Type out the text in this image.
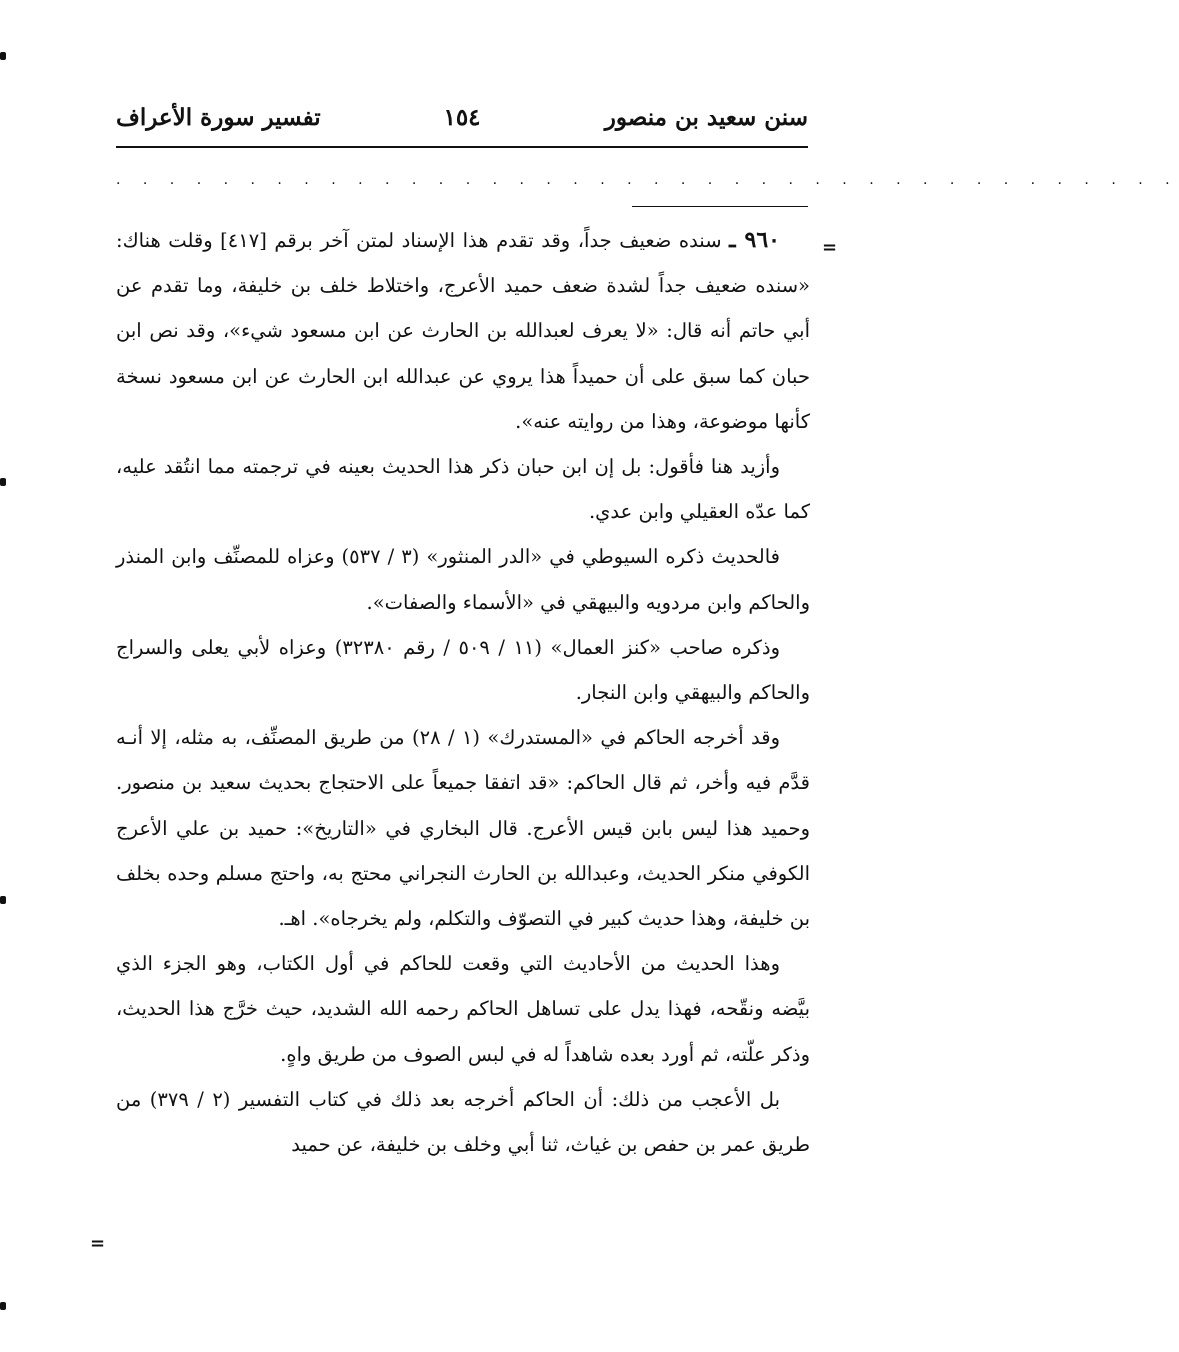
سنن سعيد بن منصور
١٥٤
تفسير سورة الأعراف
. . . . . . . . . . . . . . . . . . . . . . . . . . . . . . . . . . . . . . . .
=
=

٩٦٠ ـ سنده ضعيف جداً، وقد تقدم هذا الإسناد لمتن آخر برقم [٤١٧] وقلت هناك: «سنده ضعيف جداً لشدة ضعف حميد الأعرج، واختلاط خلف بن خليفة، وما تقدم عن أبي حاتم أنه قال: «لا يعرف لعبدالله بن الحارث عن ابن مسعود شيء»، وقد نص ابن حبان كما سبق على أن حميداً هذا يروي عن عبدالله ابن الحارث عن ابن مسعود نسخة كأنها موضوعة، وهذا من روايته عنه».

وأزيد هنا فأقول: بل إن ابن حبان ذكر هذا الحديث بعينه في ترجمته مما انتُقد عليه، كما عدّه العقيلي وابن عدي.

فالحديث ذكره السيوطي في «الدر المنثور» (٣ / ٥٣٧) وعزاه للمصنِّف وابن المنذر والحاكم وابن مردويه والبيهقي في «الأسماء والصفات».

وذكره صاحب «كنز العمال» (١١ / ٥٠٩ / رقم ٣٢٣٨٠) وعزاه لأبي يعلى والسراج والحاكم والبيهقي وابن النجار.

وقد أخرجه الحاكم في «المستدرك» (١ / ٢٨) من طريق المصنِّف، به مثله، إلا أنـه قدَّم فيه وأخر، ثم قال الحاكم: «قد اتفقا جميعاً على الاحتجاج بحديث سعيد بن منصور. وحميد هذا ليس بابن قيس الأعرج. قال البخاري في «التاريخ»: حميد بن علي الأعرج الكوفي منكر الحديث، وعبدالله بن الحارث النجراني محتج به، واحتج مسلم وحده بخلف بن خليفة، وهذا حديث كبير في التصوّف والتكلم، ولم يخرجاه». اهـ.

وهذا الحديث من الأحاديث التي وقعت للحاكم في أول الكتاب، وهو الجزء الذي بيَّضه ونقّحه، فهذا يدل على تساهل الحاكم رحمه الله الشديد، حيث خرَّج هذا الحديث، وذكر علّته، ثم أورد بعده شاهداً له في لبس الصوف من طريق واهٍ.

بل الأعجب من ذلك: أن الحاكم أخرجه بعد ذلك في كتاب التفسير (٢ / ٣٧٩) من طريق عمر بن حفص بن غياث، ثنا أبي وخلف بن خليفة، عن حميد
